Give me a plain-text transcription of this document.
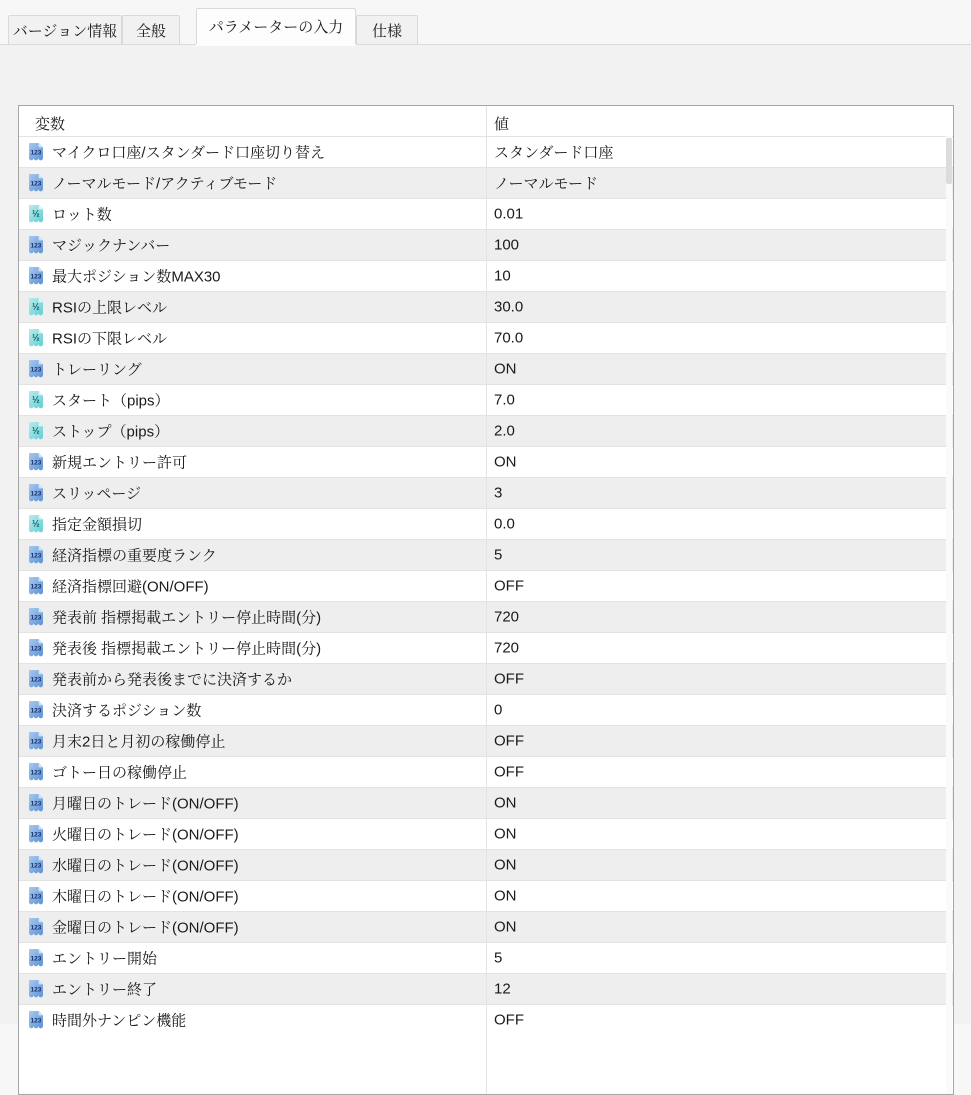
バージョン情報 全般	パラメーターの入力 仕様
変数	値
123 マイクロ口座/スタンダード口座切り替え	スタンダード口座
123 ノーマルモード/アクティブモード	ノーマルモード
½ ロット数	0.01
123 マジックナンバー	100
123 最大ポジション数MAX30	10
½ RSIの上限レベル	30.0
½ RSIの下限レベル	70.0
123 トレーリング	ON
½ スタート（pips）	7.0
½ ストップ（pips）	2.0
123 新規エントリー許可	ON
123 スリッページ	3
½ 指定金額損切	0.0
123 経済指標の重要度ランク	5
123 経済指標回避(ON/OFF)	OFF
123 発表前 指標掲載エントリー停止時間(分)	720
123 発表後 指標掲載エントリー停止時間(分)	720
123 発表前から発表後までに決済するか	OFF
123 決済するポジション数	0
123 月末2日と月初の稼働停止	OFF
123 ゴトー日の稼働停止	OFF
123 月曜日のトレード(ON/OFF)	ON
123 火曜日のトレード(ON/OFF)	ON
123 水曜日のトレード(ON/OFF)	ON
123 木曜日のトレード(ON/OFF)	ON
123 金曜日のトレード(ON/OFF)	ON
123 エントリー開始	5
123 エントリー終了	12
123 時間外ナンピン機能	OFF
